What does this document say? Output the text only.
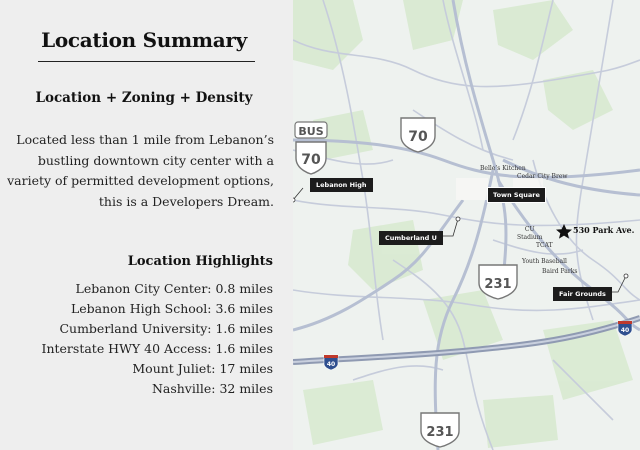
Location Summary
Location + Zoning + Density

Located less than 1 mile from Lebanon’s bustling downtown city center with a variety of permitted development options, this is a Developers Dream.

Location Highlights
Lebanon City Center: 0.8 miles
Lebanon High School: 3.6 miles
Cumberland University: 1.6 miles
Interstate HWY 40 Access: 1.6 miles
Mount Juliet: 17 miles
Nashville: 32 miles
BUS
70
70
231
231
40
40
Lebanon High
Cumberland U
Town Square
Fair Grounds
Belle’s Kitchen
Cedar City Brew
CU
Stadium
TCAT
Youth Baseball
Baird Parks
530 Park Ave.
